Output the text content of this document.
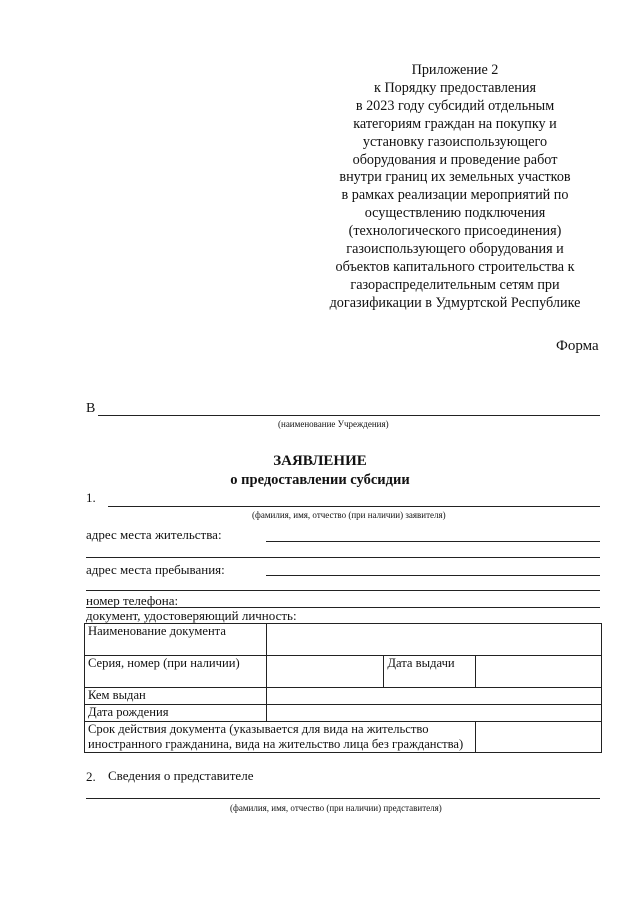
Приложение 2
к Порядку предоставления
в 2023 году субсидий отдельным
категориям граждан на покупку и
установку газоиспользующего
оборудования и проведение работ
внутри границ их земельных участков
в рамках реализации мероприятий по
осуществлению подключения
(технологического присоединения)
газоиспользующего оборудования и
объектов капитального строительства к
газораспределительным сетям при
догазификации в Удмуртской Республике
Форма
В
(наименование Учреждения)
ЗАЯВЛЕНИЕ
о предоставлении субсидии
1.
(фамилия, имя, отчество (при наличии) заявителя)
адрес места жительства:
адрес места пребывания:
номер телефона:
документ, удостоверяющий личность:
Наименование документа			
Серия, номер (при наличии)		Дата выдачи	
Кем выдан			
Дата рождения			
Срок действия документа (указывается для вида на жительство иностранного гражданина, вида на жительство лица без гражданства)			
2. Сведения о представителе
(фамилия, имя, отчество (при наличии) представителя)
